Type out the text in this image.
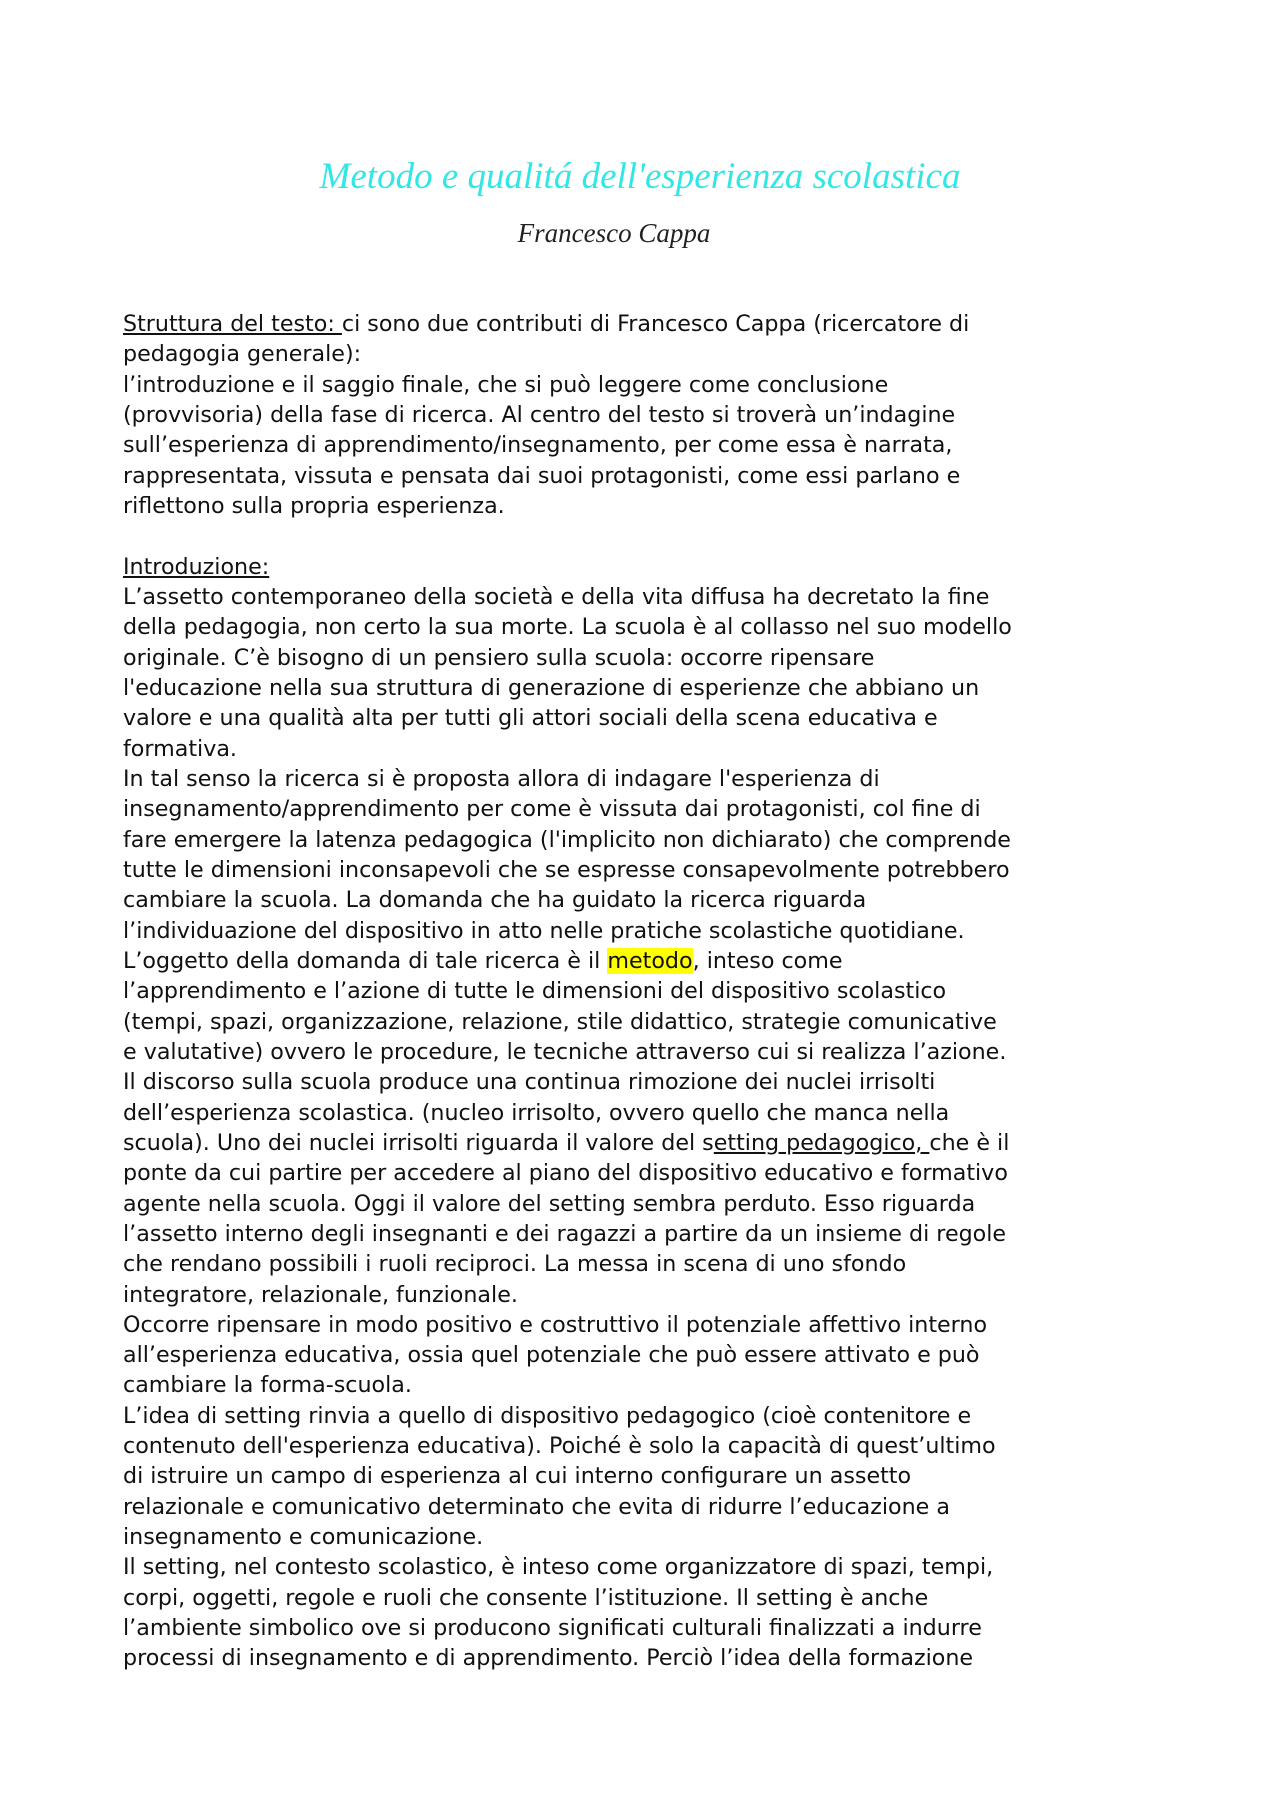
Metodo e qualitá dell'esperienza scolastica
Francesco Cappa
Struttura del testo: ci sono due contributi di Francesco Cappa (ricercatore di
pedagogia generale):
l’introduzione e il saggio finale, che si può leggere come conclusione
(provvisoria) della fase di ricerca. Al centro del testo si troverà un’indagine
sull’esperienza di apprendimento/insegnamento, per come essa è narrata,
rappresentata, vissuta e pensata dai suoi protagonisti, come essi parlano e
riflettono sulla propria esperienza.
Introduzione:
L’assetto contemporaneo della società e della vita diffusa ha decretato la fine
della pedagogia, non certo la sua morte. La scuola è al collasso nel suo modello
originale. C’è bisogno di un pensiero sulla scuola: occorre ripensare
l'educazione nella sua struttura di generazione di esperienze che abbiano un
valore e una qualità alta per tutti gli attori sociali della scena educativa e
formativa.
In tal senso la ricerca si è proposta allora di indagare l'esperienza di
insegnamento/apprendimento per come è vissuta dai protagonisti, col fine di
fare emergere la latenza pedagogica (l'implicito non dichiarato) che comprende
tutte le dimensioni inconsapevoli che se espresse consapevolmente potrebbero
cambiare la scuola. La domanda che ha guidato la ricerca riguarda
l’individuazione del dispositivo in atto nelle pratiche scolastiche quotidiane.
L’oggetto della domanda di tale ricerca è il metodo, inteso come
l’apprendimento e l’azione di tutte le dimensioni del dispositivo scolastico
(tempi, spazi, organizzazione, relazione, stile didattico, strategie comunicative
e valutative) ovvero le procedure, le tecniche attraverso cui si realizza l’azione.
Il discorso sulla scuola produce una continua rimozione dei nuclei irrisolti
dell’esperienza scolastica. (nucleo irrisolto, ovvero quello che manca nella
scuola). Uno dei nuclei irrisolti riguarda il valore del setting pedagogico, che è il
ponte da cui partire per accedere al piano del dispositivo educativo e formativo
agente nella scuola. Oggi il valore del setting sembra perduto. Esso riguarda
l’assetto interno degli insegnanti e dei ragazzi a partire da un insieme di regole
che rendano possibili i ruoli reciproci. La messa in scena di uno sfondo
integratore, relazionale, funzionale.
Occorre ripensare in modo positivo e costruttivo il potenziale affettivo interno
all’esperienza educativa, ossia quel potenziale che può essere attivato e può
cambiare la forma-scuola.
L’idea di setting rinvia a quello di dispositivo pedagogico (cioè contenitore e
contenuto dell'esperienza educativa). Poiché è solo la capacità di quest’ultimo
di istruire un campo di esperienza al cui interno configurare un assetto
relazionale e comunicativo determinato che evita di ridurre l’educazione a
insegnamento e comunicazione.
Il setting, nel contesto scolastico, è inteso come organizzatore di spazi, tempi,
corpi, oggetti, regole e ruoli che consente l’istituzione. Il setting è anche
l’ambiente simbolico ove si producono significati culturali finalizzati a indurre
processi di insegnamento e di apprendimento. Perciò l’idea della formazione
